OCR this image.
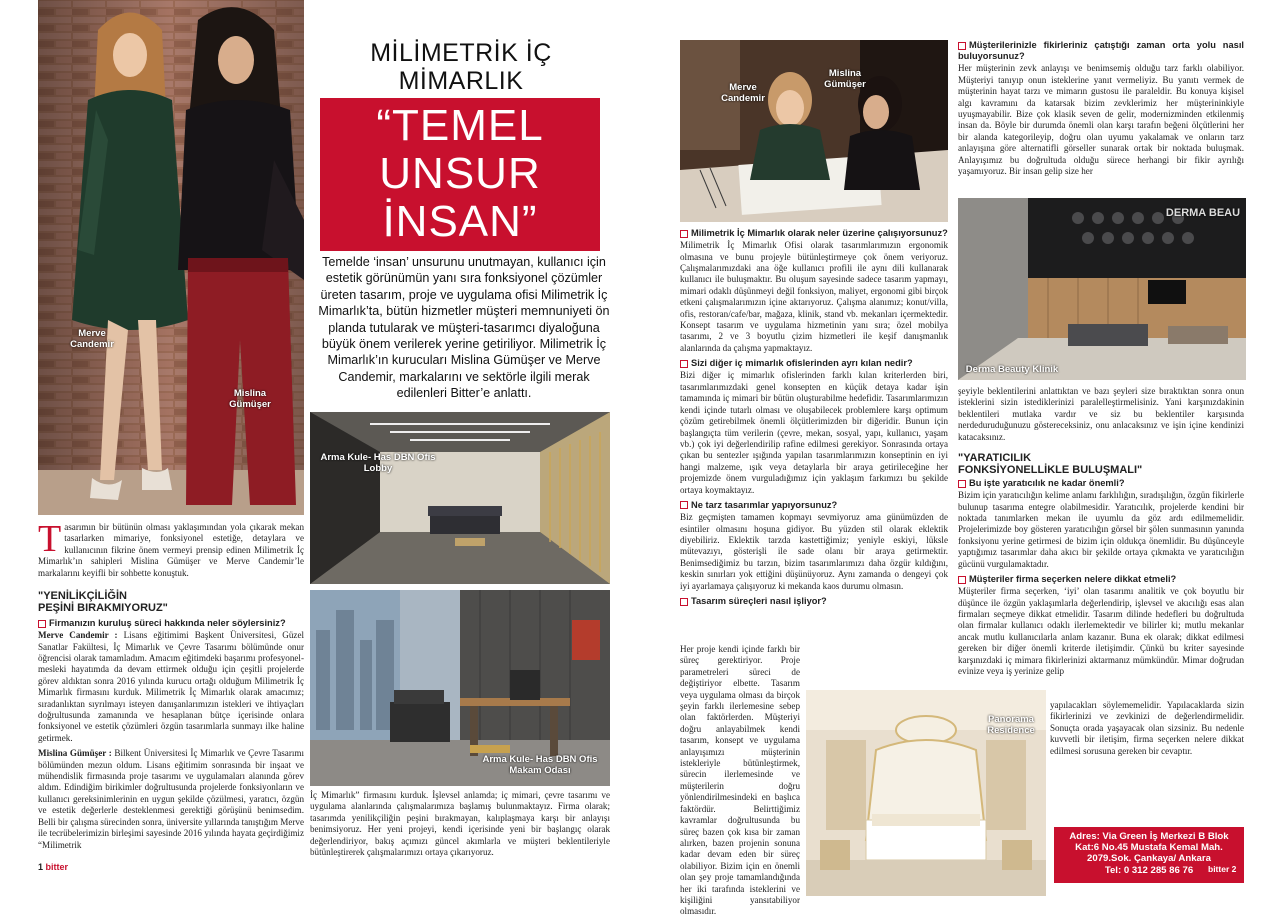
Merve Candemir
Mislina Gümüşer
MİLİMETRİK İÇ
MİMARLIK
“TEMEL
UNSUR
İNSAN”
Temelde ‘insan’ unsurunu unutmayan, kullanıcı için estetik görünümün yanı sıra fonksiyonel çözümler üreten tasarım, proje ve uygulama ofisi Milimetrik İç Mimarlık’ta, bütün hizmetler müşteri memnuniyeti ön planda tutularak ve müşteri-tasarımcı diyaloğuna büyük önem verilerek yerine getiriliyor. Milimetrik İç Mimarlık’ın kurucuları Mislina Gümüşer ve Merve Candemir, markalarını ve sektörle ilgili merak edilenleri Bitter’e anlattı.
Arma Kule- Has DBN Ofis Lobby
Arma Kule- Has DBN Ofis Makam Odası
Tasarımın bir bütünün olması yaklaşımından yola çıkarak mekan tasarlarken mimariye, fonksiyonel estetiğe, detaylara ve kullanıcının fikrine önem vermeyi prensip edinen Milimetrik İç Mimarlık’ın sahipleri Mislina Gümüşer ve Merve Candemir’le markalarını keyifli bir sohbette konuştuk.
"YENİLİKÇİLİĞİN
PEŞİNİ BIRAKMIYORUZ"
Firmanızın kuruluş süreci hakkında neler söylersiniz?

Merve Candemir : Lisans eğitimimi Başkent Üniversitesi, Güzel Sanatlar Fakültesi, İç Mimarlık ve Çevre Tasarımı bölümünde onur öğrencisi olarak tamamladım. Amacım eğitimdeki başarımı profesyonel-mesleki hayatımda da devam ettirmek olduğu için çeşitli projelerde görev aldıktan sonra 2016 yılında kurucu ortağı olduğum Milimetrik İç Mimarlık firmasını kurduk. Milimetrik İç Mimarlık olarak amacımız; sıradanlıktan sıyrılmayı isteyen danışanlarımızın istekleri ve ihtiyaçları doğrultusunda zamanında ve hesaplanan bütçe içerisinde onlara fonksiyonel ve estetik çözümleri özgün tasarımlarla sunmayı ilke haline getirmek.

Mislina Gümüşer : Bilkent Üniversitesi İç Mimarlık ve Çevre Tasarımı bölümünden mezun oldum. Lisans eğitimim sonrasında bir inşaat ve mühendislik firmasında proje tasarımı ve uygulamaları alanında görev aldım. Edindiğim birikimler doğrultusunda projelerde fonksiyonların ve kullanıcı gereksinimlerinin en uygun şekilde çözülmesi, yaratıcı, özgün ve estetik değerlerle desteklenmesi gerektiği görüşünü benimsedim. Belli bir çalışma sürecinden sonra, üniversite yıllarında tanıştığım Merve ile tecrübelerimizin birleşimi sayesinde 2016 yılında hayata geçirdiğimiz “Milimetrik

İç Mimarlık” firmasını kurduk. İşlevsel anlamda; iç mimari, çevre tasarımı ve uygulama alanlarında çalışmalarımıza başlamış bulunmaktayız. Firma olarak; tasarımda yenilikçiliğin peşini bırakmayan, kalıplaşmaya karşı bir anlayışı benimsiyoruz. Her yeni projeyi, kendi içerisinde yeni bir başlangıç olarak değerlendiriyor, bakış açımızı güncel akımlarla ve müşteri beklentileriyle bütünleştirerek çalışmalarımızı ortaya çıkarıyoruz.
1 bitter
Merve Candemir
Mislina Gümüşer
Milimetrik İç Mimarlık olarak neler üzerine çalışıyorsunuz?

Milimetrik İç Mimarlık Ofisi olarak tasarımlarımızın ergonomik olmasına ve bunu projeyle bütünleştirmeye çok önem veriyoruz. Çalışmalarımızdaki ana öğe kullanıcı profili ile aynı dili kullanarak kullanıcı ile buluşmaktır. Bu oluşum sayesinde sadece tasarım yapmayı, mimari odaklı düşünmeyi değil fonksiyon, maliyet, ergonomi gibi birçok etkeni çalışmalarımızın içine aktarıyoruz. Çalışma alanımız; konut/villa, ofis, restoran/cafe/bar, mağaza, klinik, stand vb. mekanları içermektedir. Konsept tasarım ve uygulama hizmetinin yanı sıra; özel mobilya tasarımı, 2 ve 3 boyutlu çizim hizmetleri ile keşif danışmanlık alanlarında da çalışma yapmaktayız.

Sizi diğer iç mimarlık ofislerinden ayrı kılan nedir?

Bizi diğer iç mimarlık ofislerinden farklı kılan kriterlerden biri, tasarımlarımızdaki genel konsepten en küçük detaya kadar işin tamamında iç mimari bir bütün oluşturabilme hedefidir. Tasarımlarımızın kendi içinde tutarlı olması ve oluşabilecek problemlere karşı optimum çözüm getirebilmek önemli ölçütlerimizden bir diğeridir. Bunun için başlangıçta tüm verilerin (çevre, mekan, sosyal, yapı, kullanıcı, yaşam vb.) çok iyi değerlendirilip rafine edilmesi gerekiyor. Sonrasında ortaya çıkan bu sentezler ışığında yapılan tasarımlarımızın konseptinin en iyi hangi malzeme, ışık veya detaylarla bir araya getirileceğine her projemizde önem vurguladığımız için yaklaşım farkımızı bu şekilde ortaya koymaktayız.

Ne tarz tasarımlar yapıyorsunuz?

Biz geçmişten tamamen kopmayı sevmiyoruz ama günümüzden de esintiler olmasını hoşuna gidiyor. Bu yüzden stil olarak eklektik diyebiliriz. Eklektik tarzda kastettiğimiz; yeniyle eskiyi, lüksle mütevazıyı, gösterişli ile sade olanı bir araya getirmektir. Benimsediğimiz bu tarzın, bizim tasarımlarımızı daha özgür kıldığını, keskin sınırları yok ettiğini düşünüyoruz. Aynı zamanda o dengeyi çok iyi ayarlamaya çalışıyoruz ki mekanda kaos durumu olmasın.

Tasarım süreçleri nasıl işliyor?
Her proje kendi içinde farklı bir süreç gerektiriyor. Proje parametreleri süreci de değiştiriyor elbette. Tasarım veya uygulama olması da birçok şeyin farklı ilerlemesine sebep olan faktörlerden. Müşteriyi doğru anlayabilmek kendi tasarım, konsept ve uygulama anlayışımızı müşterinin istekleriyle bütünleştirmek, sürecin ilerlemesinde ve müşterilerin doğru yönlendirilmesindeki en başlıca faktördür. Belirttiğimiz kavramlar doğrultusunda bu süreç bazen çok kısa bir zaman alırken, bazen projenin sonuna kadar devam eden bir süreç olabiliyor. Bizim için en önemli olan şey proje tamamlandığında her iki tarafında isteklerini ve kişiliğini yansıtabiliyor olmasıdır.
Panorama Residence
Müşterilerinizle fikirleriniz çatıştığı zaman orta yolu nasıl buluyorsunuz?

Her müşterinin zevk anlayışı ve benimsemiş olduğu tarz farklı olabiliyor. Müşteriyi tanıyıp onun isteklerine yanıt vermeliyiz. Bu yanıtı vermek de müşterinin hayat tarzı ve mimarın gustosu ile paraleldir. Bu konuya kişisel algı kavramını da katarsak bizim zevklerimiz her müşterininkiyle uyuşmayabilir. Bize çok klasik seven de gelir, modernizminden etkilenmiş insan da. Böyle bir durumda önemli olan karşı tarafın beğeni ölçütlerini her bir alanda kategorileyip, doğru olan uyumu yakalamak ve onların tarz anlayışına göre alternatifli görseller sunarak ortak bir noktada buluşmak. Anlayışımız bu doğrultuda olduğu sürece herhangi bir fikir ayrılığı yaşamıyoruz. Bir insan gelip size her

DERMA BEAU
Derma Beauty Klinik

şeyiyle beklentilerini anlattıktan ve bazı şeyleri size bıraktıktan sonra onun isteklerini sizin istediklerinizi paralelleştirmelisiniz. Yani karşınızdakinin beklentileri mutlaka vardır ve siz bu beklentiler karşısında nerdeduruduğunuzu göstereceksiniz, onu anlacaksınız ve işin içine kendinizi katacaksınız.

"YARATICILIK
FONKSİYONELLİKLE BULUŞMALI"
Bu işte yaratıcılık ne kadar önemli?

Bizim için yaratıcılığın kelime anlamı farklılığın, sıradışılığın, özgün fikirlerle bulunup tasarıma entegre olabilmesidir. Yaratıcılık, projelerde kendini bir noktada tanımlarken mekan ile uyumlu da göz ardı edilmemelidir. Projelerimizde boy gösteren yaratıcılığın görsel bir şölen sunmasının yanında fonksiyonu yerine getirmesi de bizim için oldukça önemlidir. Bu düşünceyle yaptığımız tasarımlar daha akıcı bir şekilde ortaya çıkmakta ve yaratıcılığın gücünü vurgulamaktadır.

Müşteriler firma seçerken nelere dikkat etmeli?

Müşteriler firma seçerken, ‘iyi’ olan tasarımı analitik ve çok boyutlu bir düşünce ile özgün yaklaşımlarla değerlendirip, işlevsel ve akıcılığı esas alan firmaları seçmeye dikkat etmelidir. Tasarım dilinde hedefleri bu doğrultuda olan firmalar kullanıcı odaklı ilerlemektedir ve bilirler ki; mutlu mekanlar ancak mutlu kullanıcılarla anlam kazanır. Buna ek olarak; dikkat edilmesi gereken bir diğer önemli kriterde iletişimdir. Çünkü bu kriter sayesinde karşınızdaki iç mimara fikirlerinizi aktarmanız mümkündür. Mimar doğrudan evinize veya iş yerinize gelip

yapılacakları söylememelidir. Yapılacaklarda sizin fikirlerinizi ve zevkinizi de değerlendirmelidir. Sonuçta orada yaşayacak olan sizsiniz. Bu nedenle kuvvetli bir iletişim, firma seçerken nelere dikkat edilmesi sorusuna gereken bir cevaptır.
Adres: Via Green İş Merkezi B Blok
Kat:6 No.45 Mustafa Kemal Mah.
2079.Sok. Çankaya/ Ankara
Tel: 0 312 285 86 76	bitter 2
